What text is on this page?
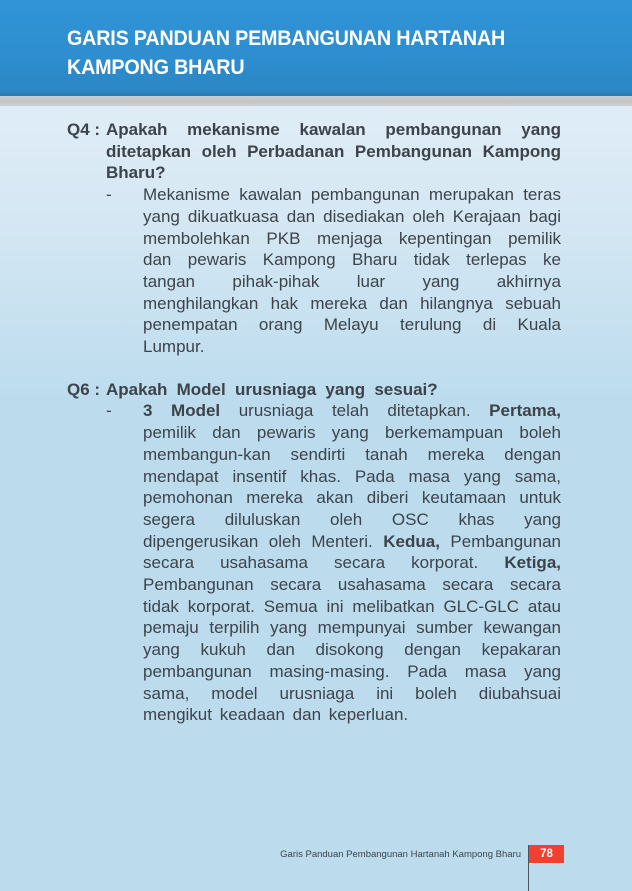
GARIS PANDUAN PEMBANGUNAN HARTANAH
KAMPONG BHARU
Q4 : Apakah mekanisme kawalan pembangunan yang ditetapkan oleh Perbadanan Pembangunan Kampong Bharu?
-	Mekanisme kawalan pembangunan merupakan teras yang dikuatkuasa dan disediakan oleh Kerajaan bagi membolehkan PKB menjaga kepentingan pemilik dan pewaris Kampong Bharu tidak terlepas ke tangan pihak-pihak luar yang akhirnya menghilangkan hak mereka dan hilangnya sebuah penempatan orang Melayu terulung di Kuala Lumpur.
Q6 : Apakah Model urusniaga yang sesuai?
-	3 Model urusniaga telah ditetapkan. Pertama, pemilik dan pewaris yang berkemampuan boleh membangun-kan sendirti tanah mereka dengan mendapat insentif khas. Pada masa yang sama, pemohonan mereka akan diberi keutamaan untuk segera diluluskan oleh OSC khas yang dipengerusikan oleh Menteri. Kedua, Pembangunan secara usahasama secara korporat. Ketiga, Pembangunan secara usahasama secara secara tidak korporat. Semua ini melibatkan GLC-GLC atau pemaju terpilih yang mempunyai sumber kewangan yang kukuh dan disokong dengan kepakaran pembangunan masing-masing. Pada masa yang sama, model urusniaga ini boleh diubahsuai mengikut keadaan dan keperluan.
Garis Panduan Pembangunan Hartanah Kampong Bharu	78
